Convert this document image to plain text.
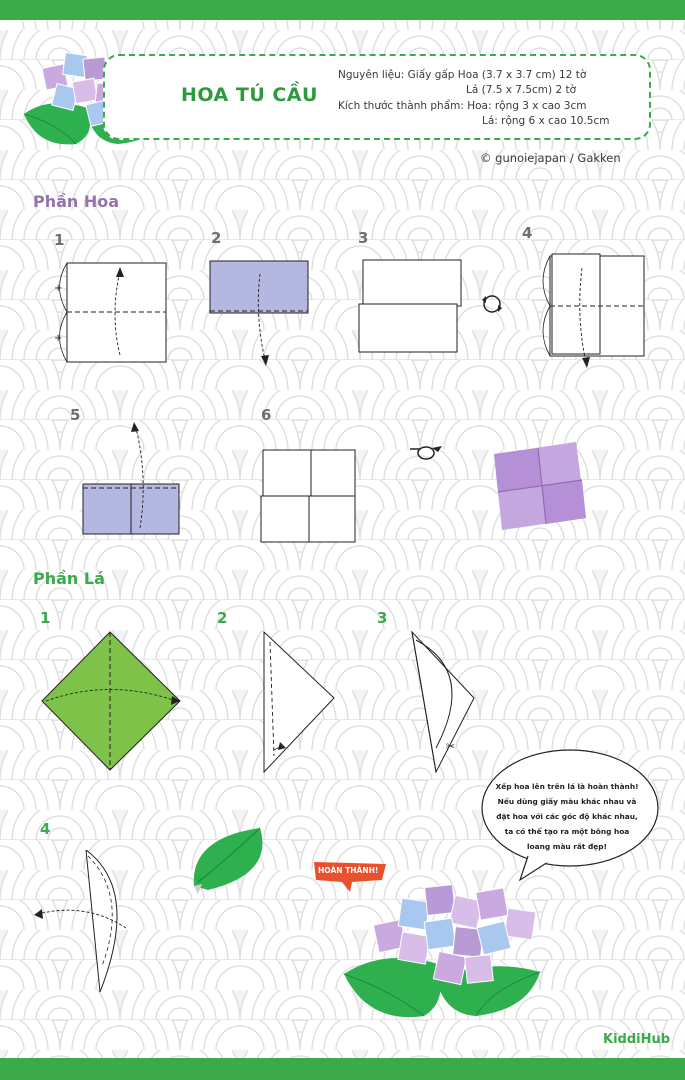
HOA TÚ CẦU
Nguyên liệu: Giấy gấp Hoa (3.7 x 3.7 cm) 12 tờ
Lá (7.5 x 7.5cm) 2 tờ
Kích thước thành phẩm: Hoa: rộng 3 x cao 3cm
Lá: rộng 6 x cao 10.5cm
© gunoiejapan / Gakken
Phần Hoa
1	2	3	4
5	6
+
+
Phần Lá
1	2	3
4
✂
Xếp hoa lên trên lá là hoàn thành! Nếu dùng giấy màu khác nhau và đặt hoa với các góc độ khác nhau, ta có thể tạo ra một bông hoa loang màu rất đẹp!
HOÀN THÀNH!
KiddiHub
